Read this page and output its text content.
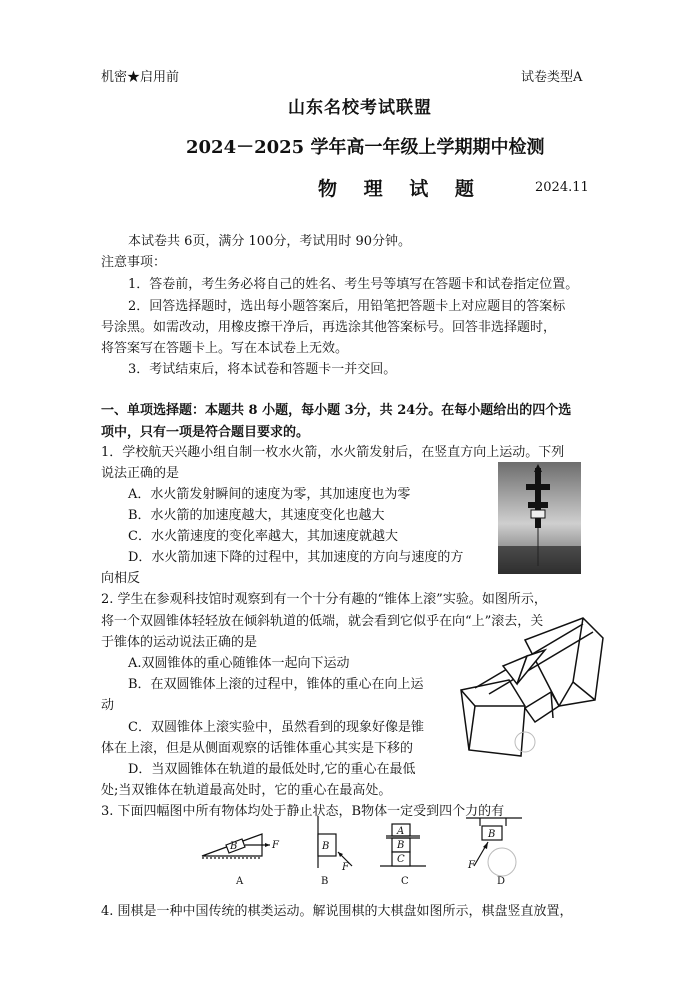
机密★启用前	试卷类型A
山东名校考试联盟
2024－2025 学年高一年级上学期期中检测
物 理 试 题	2024.11
本试卷共 6页，满分 100分，考试用时 90分钟。
注意事项：
1．答卷前，考生务必将自己的姓名、考生号等填写在答题卡和试卷指定位置。
2．回答选择题时，选出每小题答案后，用铅笔把答题卡上对应题目的答案标
号涂黑。如需改动，用橡皮擦干净后，再选涂其他答案标号。回答非选择题时，
将答案写在答题卡上。写在本试卷上无效。
3．考试结束后，将本试卷和答题卡一并交回。
一、单项选择题：本题共 8 小题，每小题 3分，共 24分。在每小题给出的四个选
项中，只有一项是符合题目要求的。
1．学校航天兴趣小组自制一枚水火箭，水火箭发射后，在竖直方向上运动。下列
说法正确的是
A．水火箭发射瞬间的速度为零，其加速度也为零
B．水火箭的加速度越大，其速度变化也越大
C．水火箭速度的变化率越大，其加速度就越大
D．水火箭加速下降的过程中，其加速度的方向与速度的方
向相反
2. 学生在参观科技馆时观察到有一个十分有趣的“锥体上滚”实验。如图所示，
将一个双圆锥体轻轻放在倾斜轨道的低端，就会看到它似乎在向“上”滚去，关
于锥体的运动说法正确的是
A.双圆锥体的重心随锥体一起向下运动
B．在双圆锥体上滚的过程中，锥体的重心在向上运
动
C．双圆锥体上滚实验中，虽然看到的现象好像是锥
体在上滚，但是从侧面观察的话锥体重心其实是下移的
D．当双圆锥体在轨道的最低处时,它的重心在最低
处;当双锥体在轨道最高处时，它的重心在最高处。
3. 下面四幅图中所有物体均处于静止状态，B物体一定受到四个力的有
B	F	B
F
A
B
C
B
F
A	B	C	D
4. 围棋是一种中国传统的棋类运动。解说围棋的大棋盘如图所示，棋盘竖直放置，
